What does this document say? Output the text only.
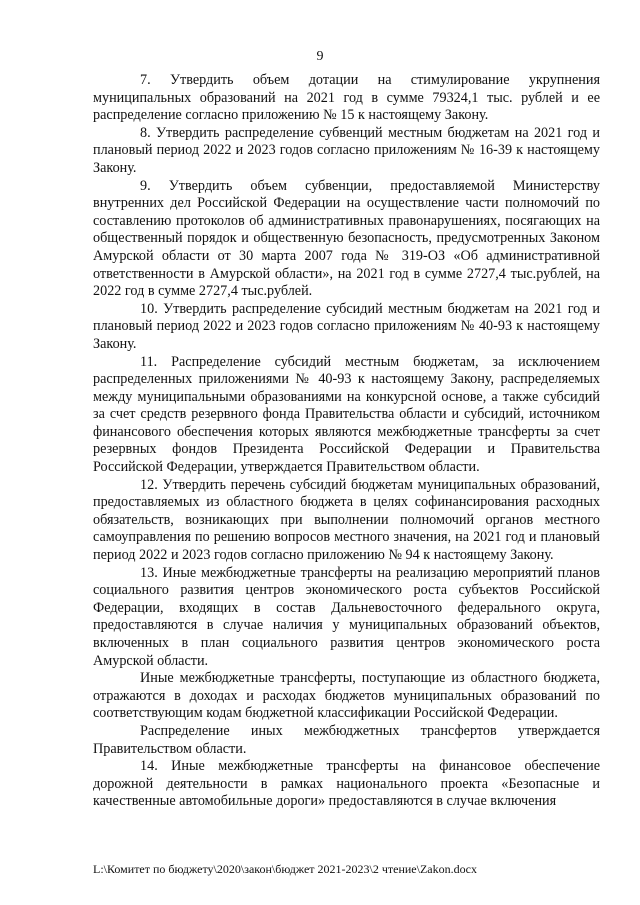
9

7. Утвердить объем дотации на стимулирование укрупнения муниципальных образований на 2021 год в сумме 79324,1 тыс. рублей и ее распределение согласно приложению № 15 к настоящему Закону.

8. Утвердить распределение субвенций местным бюджетам на 2021 год и плановый период 2022 и 2023 годов согласно приложениям № 16-39 к настоящему Закону.

9. Утвердить объем субвенции, предоставляемой Министерству внутренних дел Российской Федерации на осуществление части полномочий по составлению протоколов об административных правонарушениях, посягающих на общественный порядок и общественную безопасность, предусмотренных Законом Амурской области от 30 марта 2007 года № 319-ОЗ «Об административной ответственности в Амурской области», на 2021 год в сумме 2727,4 тыс.рублей, на 2022 год в сумме 2727,4 тыс.рублей.

10. Утвердить распределение субсидий местным бюджетам на 2021 год и плановый период 2022 и 2023 годов согласно приложениям № 40-93 к настоящему Закону.

11. Распределение субсидий местным бюджетам, за исключением распределенных приложениями № 40-93 к настоящему Закону, распределяемых между муниципальными образованиями на конкурсной основе, а также субсидий за счет средств резервного фонда Правительства области и субсидий, источником финансового обеспечения которых являются межбюджетные трансферты за счет резервных фондов Президента Российской Федерации и Правительства Российской Федерации, утверждается Правительством области.

12. Утвердить перечень субсидий бюджетам муниципальных образований, предоставляемых из областного бюджета в целях софинансирования расходных обязательств, возникающих при выполнении полномочий органов местного самоуправления по решению вопросов местного значения, на 2021 год и плановый период 2022 и 2023 годов согласно приложению № 94 к настоящему Закону.

13. Иные межбюджетные трансферты на реализацию мероприятий планов социального развития центров экономического роста субъектов Российской Федерации, входящих в состав Дальневосточного федерального округа, предоставляются в случае наличия у муниципальных образований объектов, включенных в план социального развития центров экономического роста Амурской области.

Иные межбюджетные трансферты, поступающие из областного бюджета, отражаются в доходах и расходах бюджетов муниципальных образований по соответствующим кодам бюджетной классификации Российской Федерации.

Распределение иных межбюджетных трансфертов утверждается Правительством области.

14. Иные межбюджетные трансферты на финансовое обеспечение дорожной деятельности в рамках национального проекта «Безопасные и качественные автомобильные дороги» предоставляются в случае включения

L:\Комитет по бюджету\2020\закон\бюджет 2021-2023\2 чтение\Zakon.docx
